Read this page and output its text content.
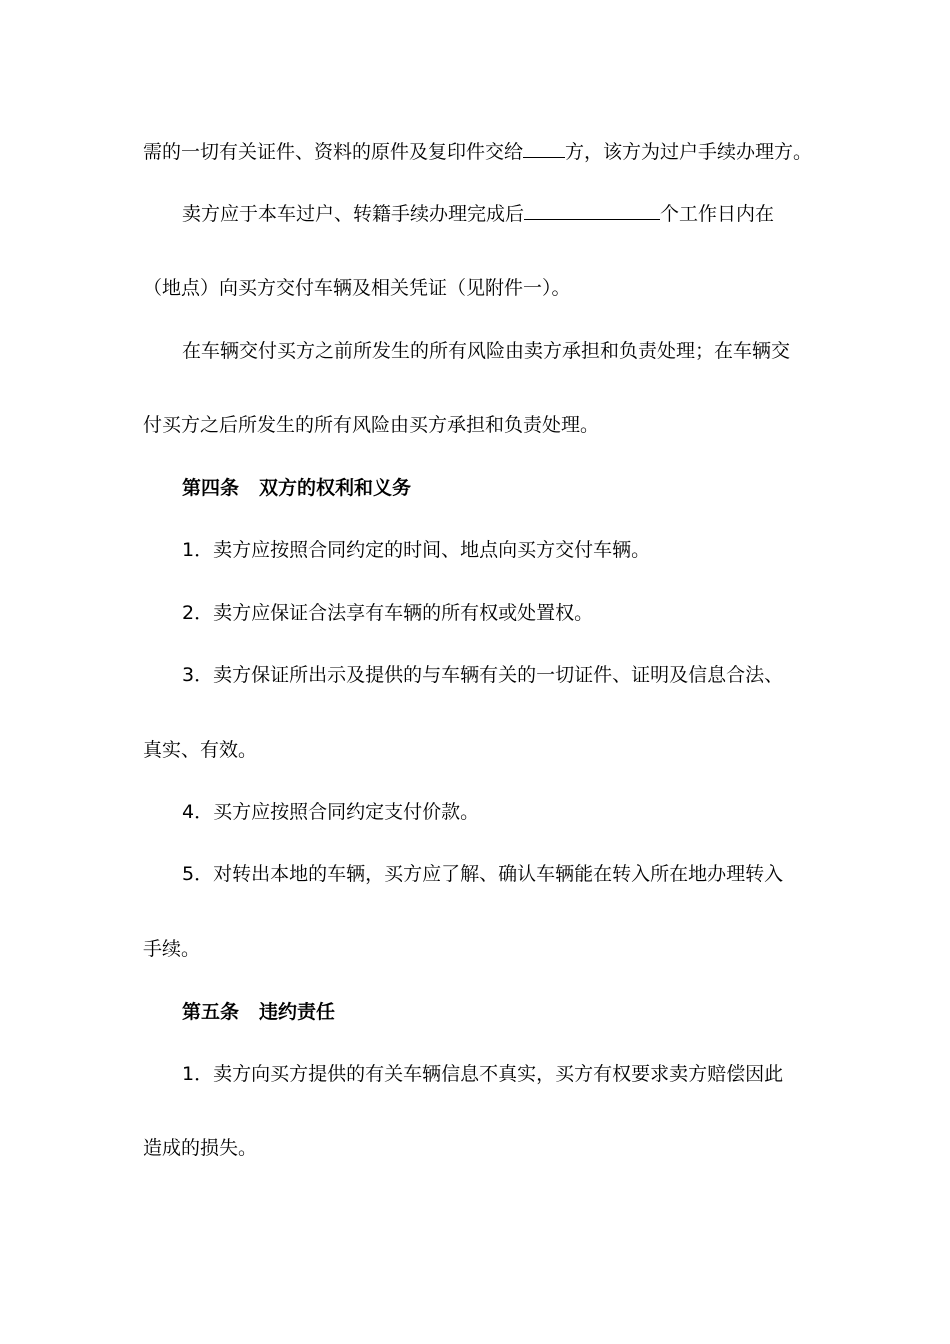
需的一切有关证件、资料的原件及复印件交给 方，该方为过户手续办理方。
卖方应于本车过户、转籍手续办理完成后	个工作日内在
（地点）向买方交付车辆及相关凭证（见附件一）。
在车辆交付买方之前所发生的所有风险由卖方承担和负责处理；在车辆交
付买方之后所发生的所有风险由买方承担和负责处理。
第四条 双方的权利和义务
1．卖方应按照合同约定的时间、地点向买方交付车辆。
2．卖方应保证合法享有车辆的所有权或处置权。
3．卖方保证所出示及提供的与车辆有关的一切证件、证明及信息合法、
真实、有效。
4．买方应按照合同约定支付价款。
5．对转出本地的车辆，买方应了解、确认车辆能在转入所在地办理转入
手续。
第五条 违约责任
1．卖方向买方提供的有关车辆信息不真实，买方有权要求卖方赔偿因此
造成的损失。
